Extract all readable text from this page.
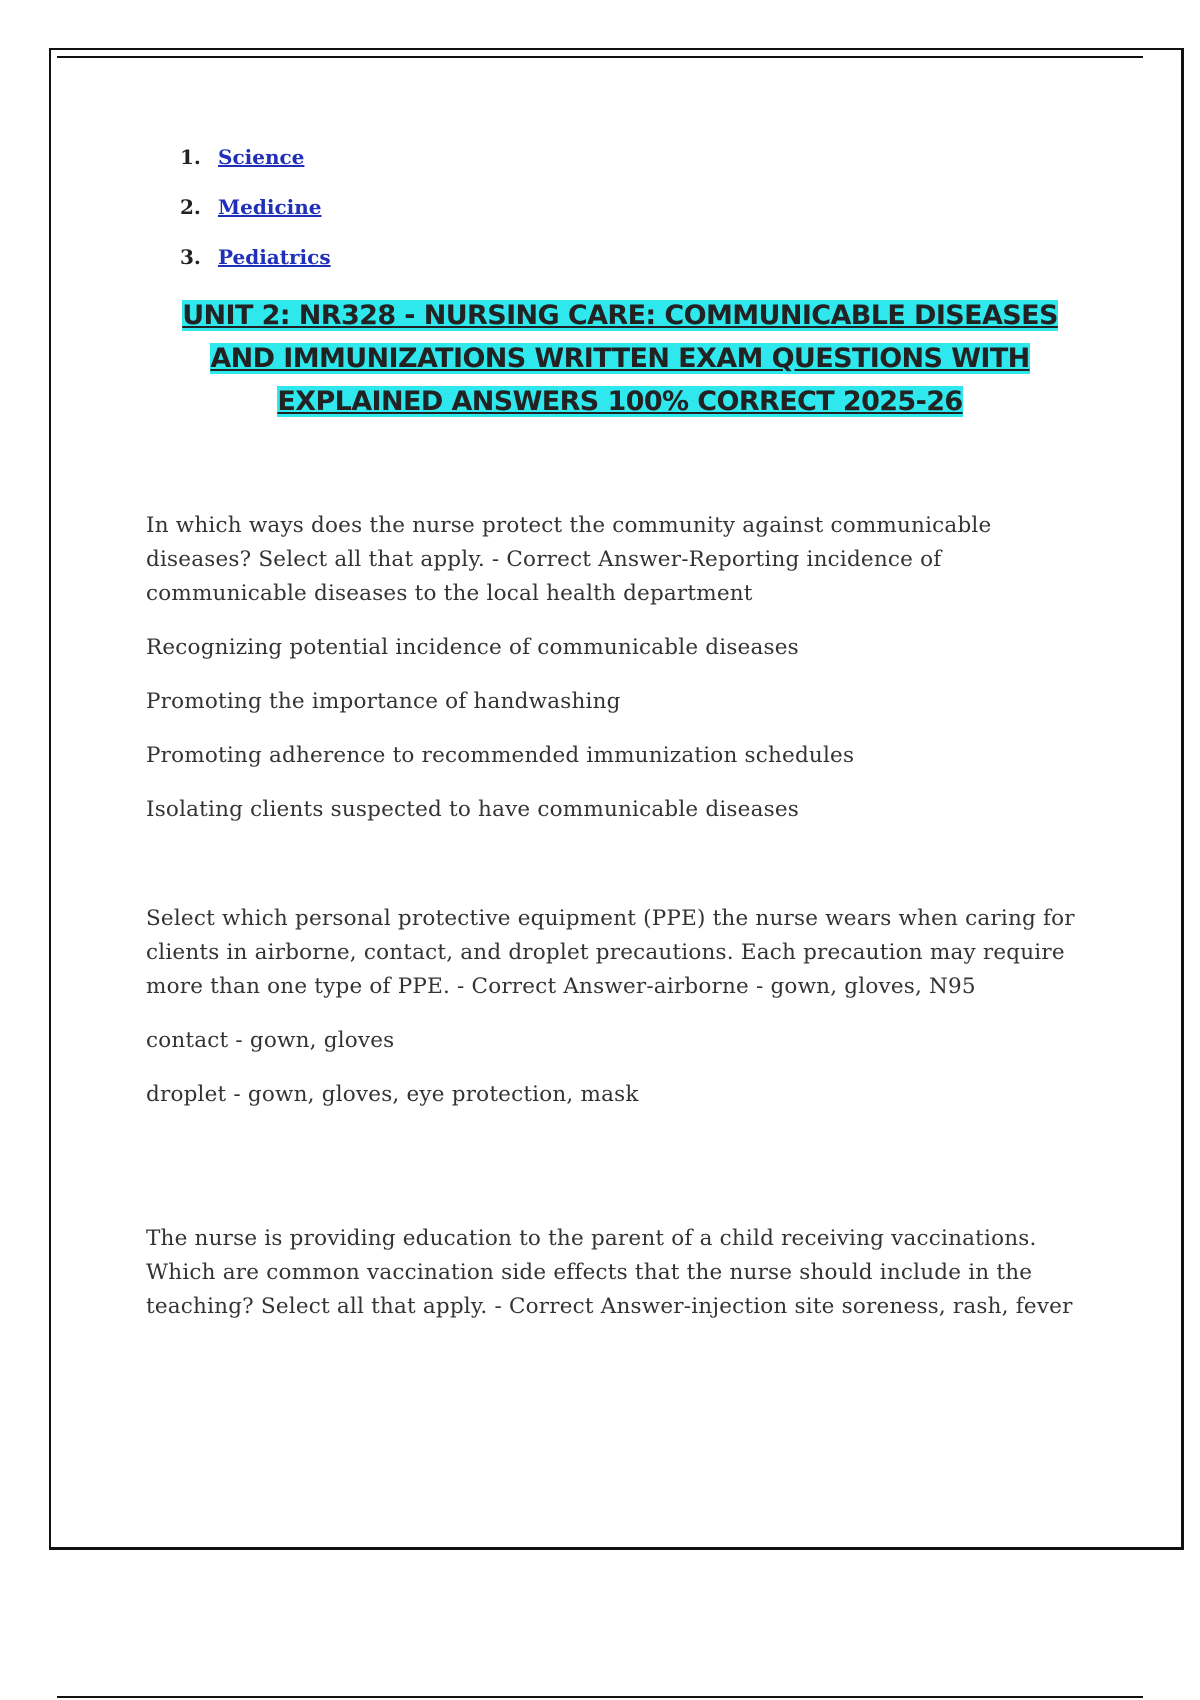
1. Science
2. Medicine
3. Pediatrics
UNIT 2: NR328 - NURSING CARE: COMMUNICABLE DISEASES
AND IMMUNIZATIONS WRITTEN EXAM QUESTIONS WITH
EXPLAINED ANSWERS 100% CORRECT 2025-26

In which ways does the nurse protect the community against communicable diseases? Select all that apply. - Correct Answer-Reporting incidence of communicable diseases to the local health department

Recognizing potential incidence of communicable diseases

Promoting the importance of handwashing

Promoting adherence to recommended immunization schedules

Isolating clients suspected to have communicable diseases

Select which personal protective equipment (PPE) the nurse wears when caring for clients in airborne, contact, and droplet precautions. Each precaution may require more than one type of PPE. - Correct Answer-airborne - gown, gloves, N95

contact - gown, gloves

droplet - gown, gloves, eye protection, mask

The nurse is providing education to the parent of a child receiving vaccinations. Which are common vaccination side effects that the nurse should include in the teaching? Select all that apply. - Correct Answer-injection site soreness, rash, fever
